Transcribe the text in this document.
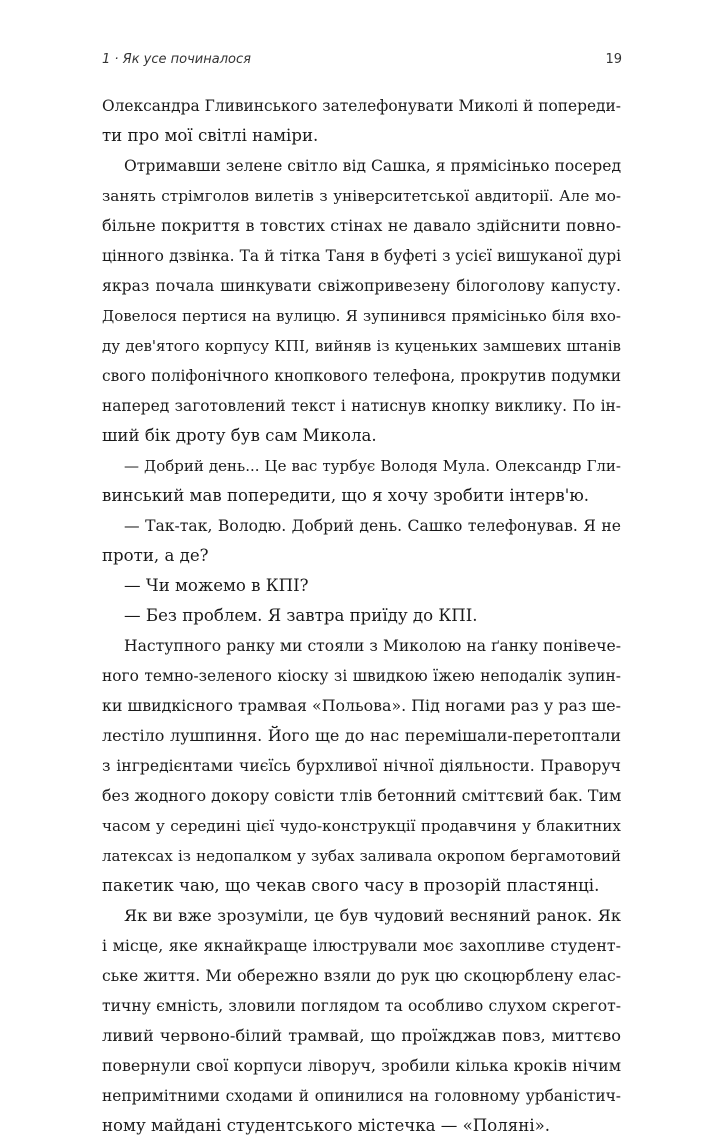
1 · Як усе починалося	19
Олександра Гливинського зателефонувати Миколі й попереди-
ти про мої світлі наміри.
Отримавши зелене світло від Сашка, я прямісінько посеред
занять стрімголов вилетів з університетської авдиторії. Але мо-
більне покриття в товстих стінах не давало здійснити повно-
цінного дзвінка. Та й тітка Таня в буфеті з усієї вишуканої дурі
якраз почала шинкувати свіжопривезену білоголову капусту.
Довелося пертися на вулицю. Я зупинився прямісінько біля вхо-
ду дев'ятого корпусу КПІ, вийняв із куценьких замшевих штанів
свого поліфонічного кнопкового телефона, прокрутив подумки
наперед заготовлений текст і натиснув кнопку виклику. По ін-
ший бік дроту був сам Микола.
— Добрий день... Це вас турбує Володя Мула. Олександр Гли-
винський мав попередити, що я хочу зробити інтерв'ю.
— Так-так, Володю. Добрий день. Сашко телефонував. Я не
проти, а де?
— Чи можемо в КПІ?
— Без проблем. Я завтра приїду до КПІ.
Наступного ранку ми стояли з Миколою на ґанку понівече-
ного темно-зеленого кіоску зі швидкою їжею неподалік зупин-
ки швидкісного трамвая «Польова». Під ногами раз у раз ше-
лестіло лушпиння. Його ще до нас перемішали-перетоптали
з інгредієнтами чиєїсь бурхливої нічної діяльности. Праворуч
без жодного докору совісти тлів бетонний сміттєвий бак. Тим
часом у середині цієї чудо-конструкції продавчиня у блакитних
латексах із недопалком у зубах заливала окропом бергамотовий
пакетик чаю, що чекав свого часу в прозорій пластянці.
Як ви вже зрозуміли, це був чудовий весняний ранок. Як
і місце, яке якнайкраще ілюстрували моє захопливе студент-
ське життя. Ми обережно взяли до рук цю скоцюрблену елас-
тичну ємність, зловили поглядом та особливо слухом скрегот-
ливий червоно-білий трамвай, що проїжджав повз, миттєво
повернули свої корпуси ліворуч, зробили кілька кроків нічим
непримітними сходами й опинилися на головному урбаністич-
ному майдані студентського містечка — «Поляні».
